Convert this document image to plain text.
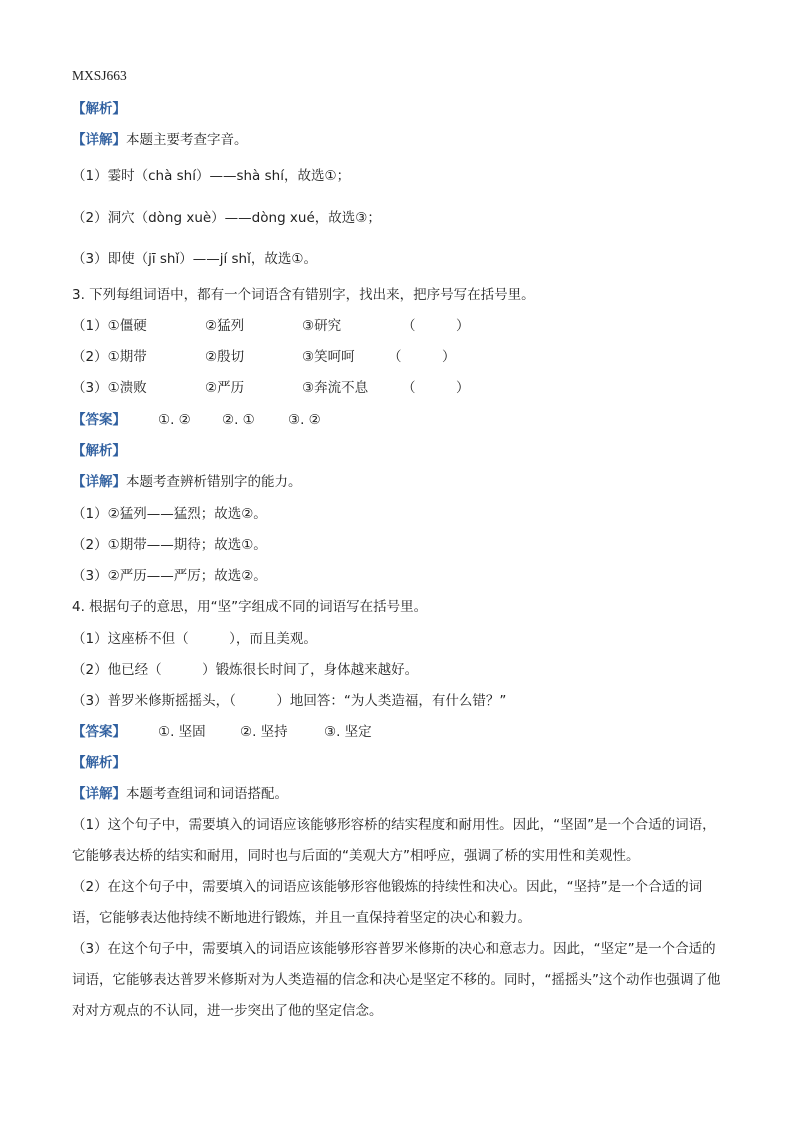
MXSJ663
【解析】
【详解】本题主要考查字音。
（1）霎时（chà shí）——shà shí，故选①；
（2）洞穴（dòng xuè）——dòng xué，故选③；
（3）即使（jī shǐ）——jí shǐ，故选①。
3. 下列每组词语中，都有一个词语含有错别字，找出来，把序号写在括号里。
（1）①僵硬	②猛列	③研究	（　　　）
（2）①期带	②殷切	③笑呵呵 （　　　）
（3）①溃败	②严历	③奔流不息	（　　　）
【答案】 ①. ② ②. ① ③. ②
【解析】
【详解】本题考查辨析错别字的能力。
（1）②猛列——猛烈；故选②。
（2）①期带——期待；故选①。
（3）②严历——严厉；故选②。
4. 根据句子的意思，用“坚”字组成不同的词语写在括号里。
（1）这座桥不但（　　　），而且美观。
（2）他已经（　　　）锻炼很长时间了，身体越来越好。
（3）普罗米修斯摇摇头，（　　　）地回答：“为人类造福，有什么错？”
【答案】 ①. 坚固	②. 坚持	③. 坚定
【解析】
【详解】本题考查组词和词语搭配。
（1）这个句子中，需要填入的词语应该能够形容桥的结实程度和耐用性。因此，“坚固”是一个合适的词语，它能够表达桥的结实和耐用，同时也与后面的“美观大方”相呼应，强调了桥的实用性和美观性。
（2）在这个句子中，需要填入的词语应该能够形容他锻炼的持续性和决心。因此，“坚持”是一个合适的词语，它能够表达他持续不断地进行锻炼，并且一直保持着坚定的决心和毅力。
（3）在这个句子中，需要填入的词语应该能够形容普罗米修斯的决心和意志力。因此，“坚定”是一个合适的词语，它能够表达普罗米修斯对为人类造福的信念和决心是坚定不移的。同时，“摇摇头”这个动作也强调了他对对方观点的不认同，进一步突出了他的坚定信念。
